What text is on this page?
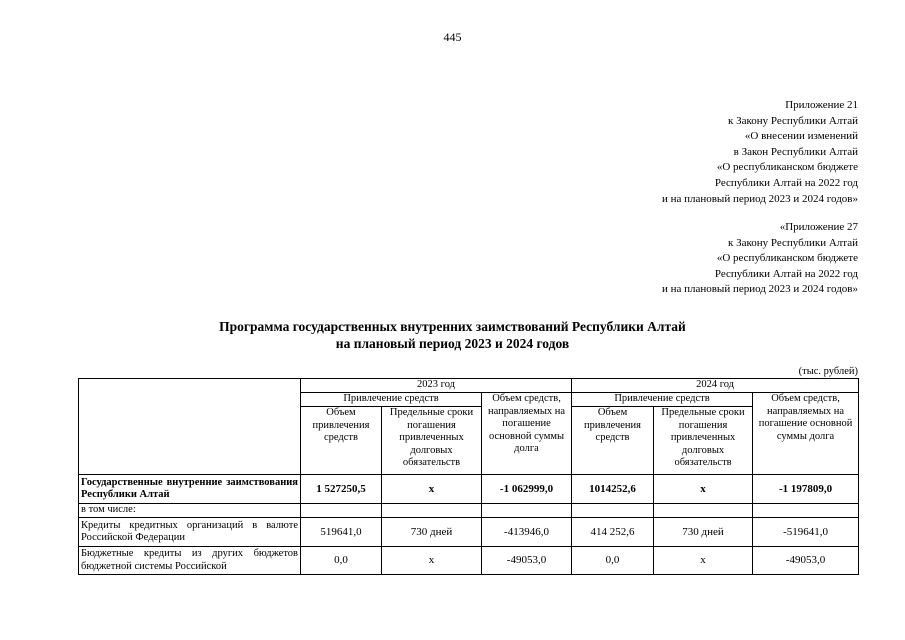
445
Приложение 21
к Закону Республики Алтай
«О внесении изменений
в Закон Республики Алтай
«О республиканском бюджете
Республики Алтай на 2022 год
и на плановый период 2023 и 2024 годов»
«Приложение 27
к Закону Республики Алтай
«О республиканском бюджете
Республики Алтай на 2022 год
и на плановый период 2023 и 2024 годов»
Программа государственных внутренних заимствований Республики Алтай
на плановый период 2023 и 2024 годов
(тыс. рублей)
	2023 год			2024 год		
	Привлечение средств		Объем средств, направляемых на погашение основной суммы долга	Привлечение средств		Объем средств, направляемых на погашение основной суммы долга
	Объем привлечения средств	Предельные сроки погашения привлеченных долговых обязательств		Объем привлечения средств	Предельные сроки погашения привлеченных долговых обязательств	
Государственные внутренние заимствования Республики Алтай	1 527250,5	х	-1 062999,0	1014252,6	х	-1 197809,0
в том числе:						
Кредиты кредитных организаций в валюте Российской Федерации	519641,0	730 дней	-413946,0	414 252,6	730 дней	-519641,0
Бюджетные кредиты из других бюджетов бюджетной системы Российской	0,0	х	-49053,0	0,0	х	-49053,0
